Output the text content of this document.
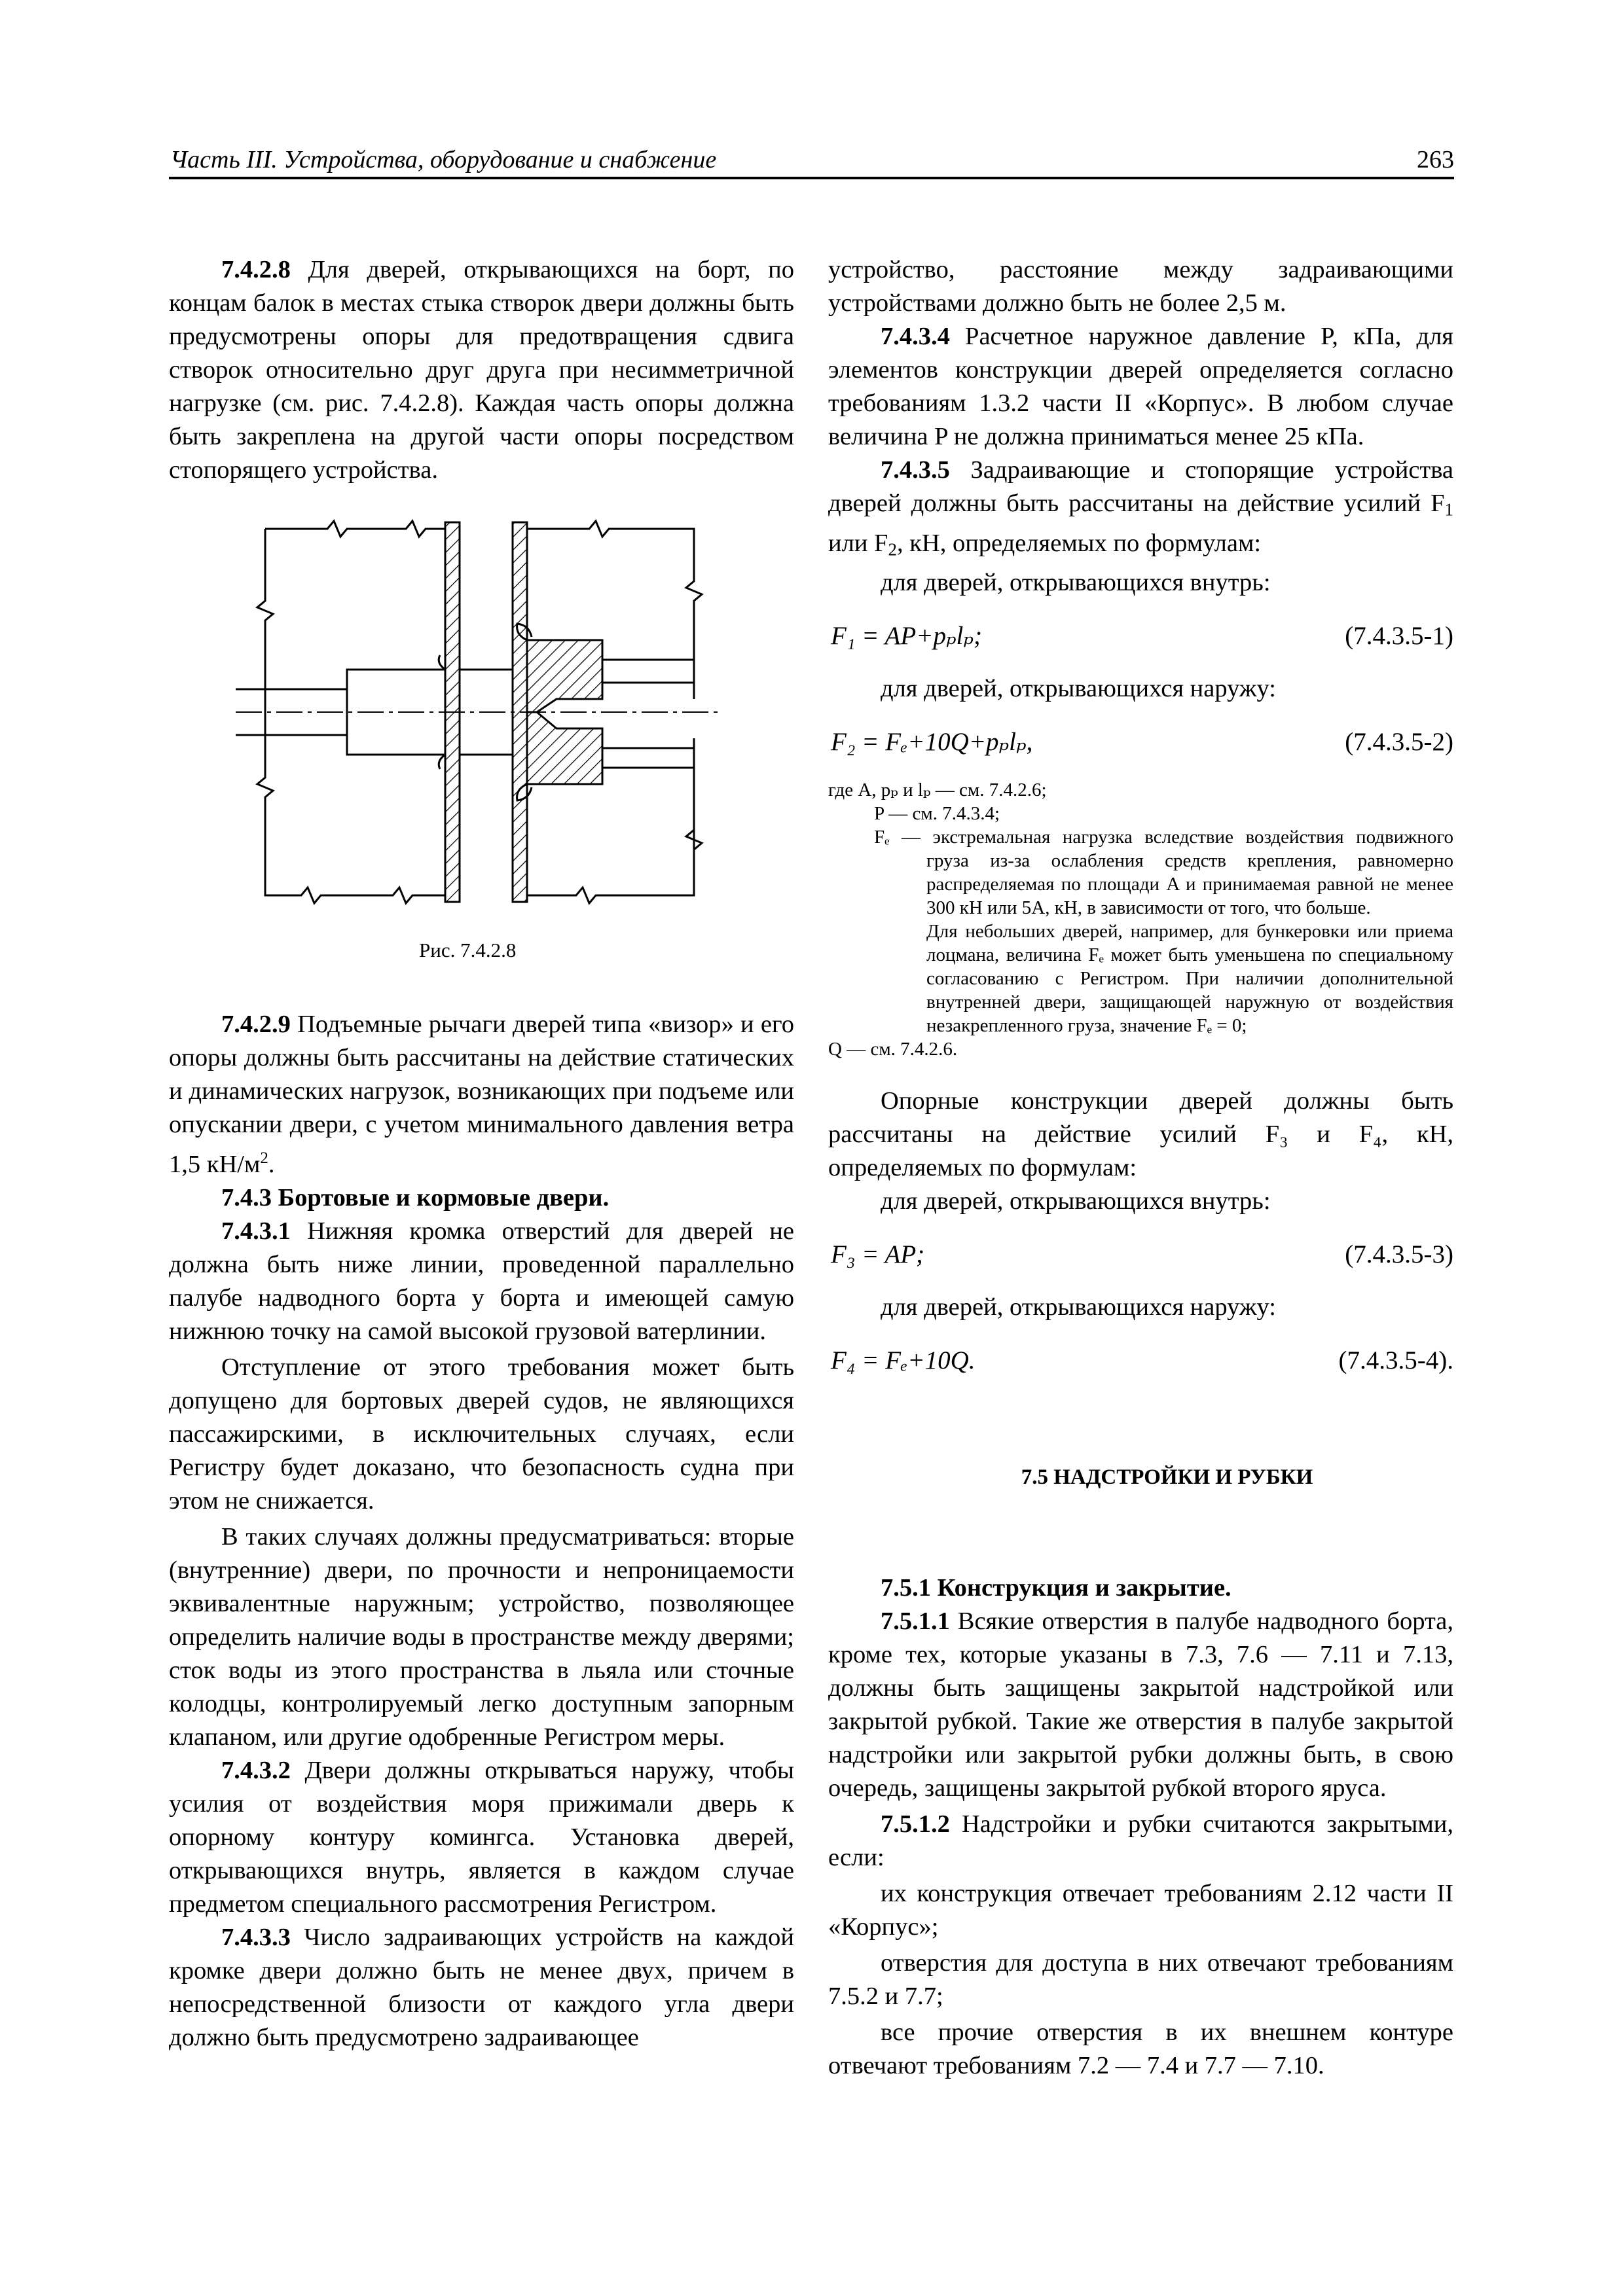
Часть III. Устройства, оборудование и снабжение	263

7.4.2.8 Для дверей, открывающихся на борт, по концам балок в местах стыка створок двери должны быть предусмотрены опоры для предотвращения сдвига створок относительно друг друга при несимметричной нагрузке (см. рис. 7.4.2.8). Каждая часть опоры должна быть закреплена на другой части опоры посредством стопорящего устройства.

Рис. 7.4.2.8

7.4.2.9 Подъемные рычаги дверей типа «визор» и его опоры должны быть рассчитаны на действие статических и динамических нагрузок, возникающих при подъеме или опускании двери, с учетом минимального давления ветра 1,5 $кН/м^2$.

7.4.3 Бортовые и кормовые двери.

7.4.3.1 Нижняя кромка отверстий для дверей не должна быть ниже линии, проведенной параллельно палубе надводного борта у борта и имеющей самую нижнюю точку на самой высокой грузовой ватерлинии.

Отступление от этого требования может быть допущено для бортовых дверей судов, не являющихся пассажирскими, в исключительных случаях, если Регистру будет доказано, что безопасность судна при этом не снижается.

В таких случаях должны предусматриваться: вторые (внутренние) двери, по прочности и непроницаемости эквивалентные наружным; устройство, позволяющее определить наличие воды в пространстве между дверями; сток воды из этого пространства в льяла или сточные колодцы, контролируемый легко доступным запорным клапаном, или другие одобренные Регистром меры.

7.4.3.2 Двери должны открываться наружу, чтобы усилия от воздействия моря прижимали дверь к опорному контуру комингса. Установка дверей, открывающихся внутрь, является в каждом случае предметом специального рассмотрения Регистром.

7.4.3.3 Число задраивающих устройств на каждой кромке двери должно быть не менее двух, причем в непосредственной близости от каждого угла двери должно быть предусмотрено задраивающее

устройство, расстояние между задраивающими устройствами должно быть не более 2,5 м.

7.4.3.4 Расчетное наружное давление P, кПа, для элементов конструкции дверей определяется согласно требованиям 1.3.2 части II «Корпус». В любом случае величина P не должна приниматься менее 25 кПа.

7.4.3.5 Задраивающие и стопорящие устройства дверей должны быть рассчитаны на действие усилий $F_1$ или $F_2$, кН, определяемых по формулам:

для дверей, открывающихся внутрь:

F₁ = AP+pₚlₚ;	(7.4.3.5-1)

для дверей, открывающихся наружу:

F₂ = Fₑ+10Q+pₚlₚ,	(7.4.3.5-2)
где A, pₚ и lₚ — см. 7.4.2.6;
P — см. 7.4.3.4;
Fₑ — экстремальная нагрузка вследствие воздействия подвижного груза из-за ослабления средств крепления, равномерно распределяемая по площади A и принимаемая равной не менее 300 кН или 5A, кН, в зависимости от того, что больше.
Для небольших дверей, например, для бункеровки или приема лоцмана, величина Fₑ может быть уменьшена по специальному согласованию с Регистром. При наличии дополнительной внутренней двери, защищающей наружную от воздействия незакрепленного груза, значение Fₑ = 0;
Q — см. 7.4.2.6.

Опорные конструкции дверей должны быть рассчитаны на действие усилий F₃ и F₄, кН, определяемых по формулам:

для дверей, открывающихся внутрь:

F₃ = AP;	(7.4.3.5-3)

для дверей, открывающихся наружу:

F₄ = Fₑ+10Q.	(7.4.3.5-4).

7.5 НАДСТРОЙКИ И РУБКИ

7.5.1 Конструкция и закрытие.

7.5.1.1 Всякие отверстия в палубе надводного борта, кроме тех, которые указаны в 7.3, 7.6 — 7.11 и 7.13, должны быть защищены закрытой надстройкой или закрытой рубкой. Такие же отверстия в палубе закрытой надстройки или закрытой рубки должны быть, в свою очередь, защищены закрытой рубкой второго яруса.

7.5.1.2 Надстройки и рубки считаются закрытыми, если:

их конструкция отвечает требованиям 2.12 части II «Корпус»;

отверстия для доступа в них отвечают требованиям 7.5.2 и 7.7;

все прочие отверстия в их внешнем контуре отвечают требованиям 7.2 — 7.4 и 7.7 — 7.10.
